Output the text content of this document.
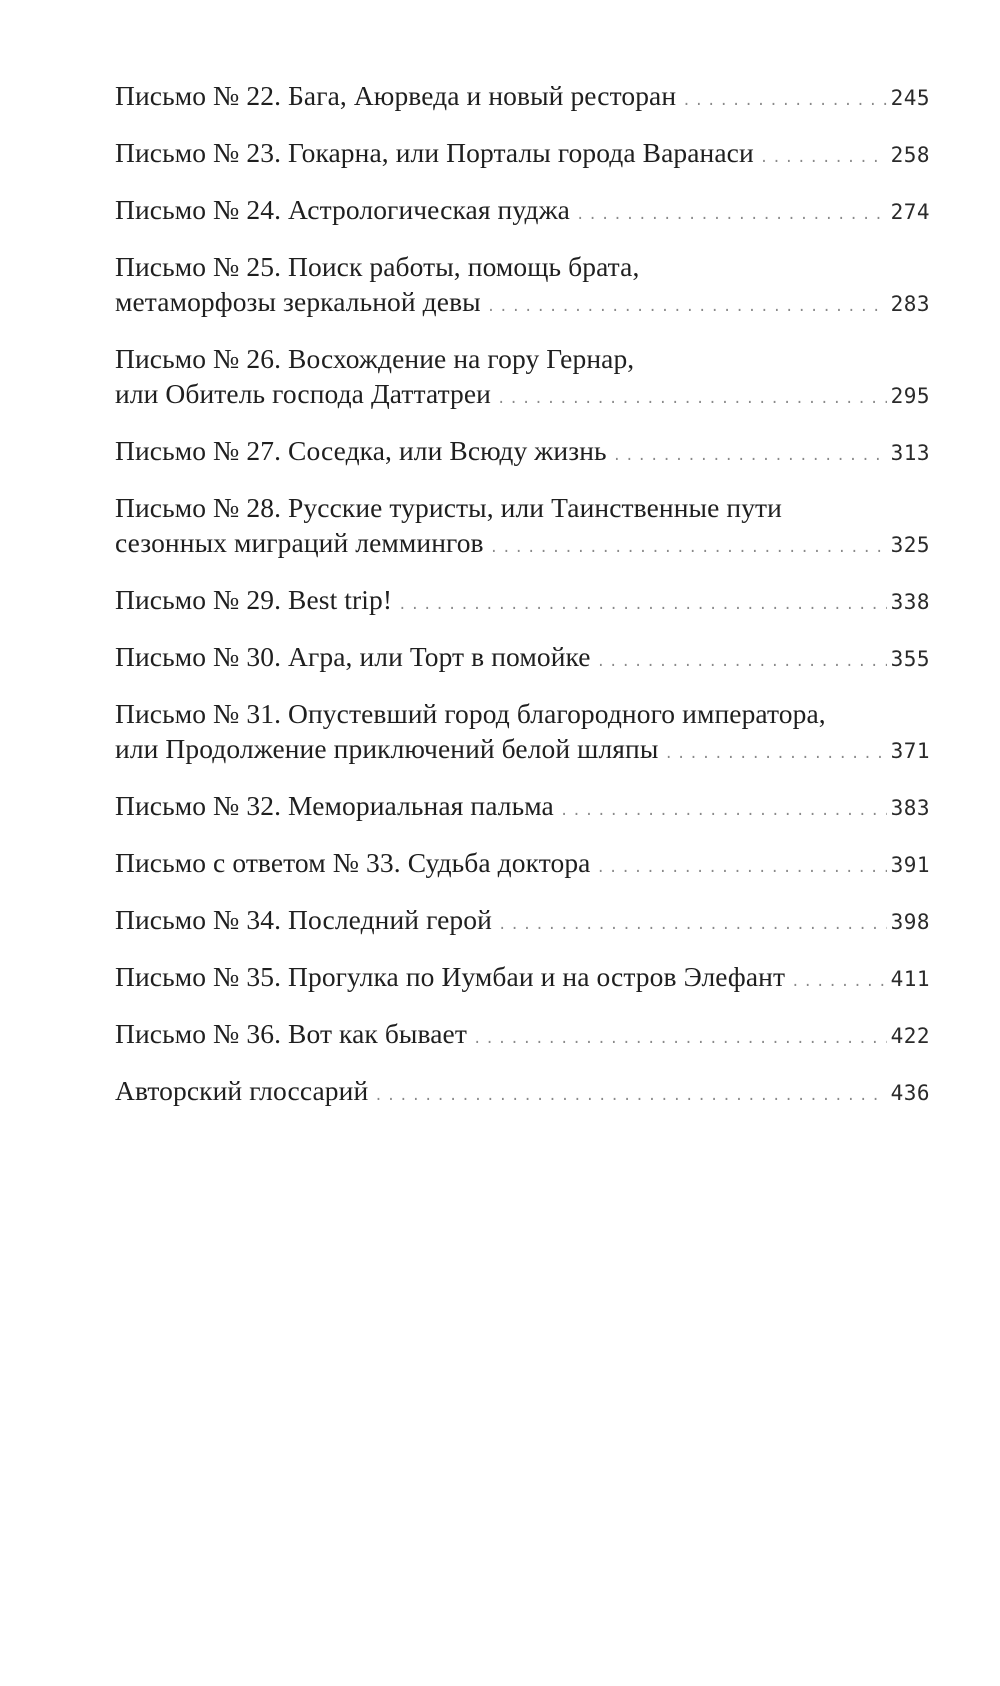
Письмо № 22. Бага, Аюрведа и новый ресторан .....	245
Письмо № 23. Гокарна, или Порталы города Варанаси .....	258
Письмо № 24. Астрологическая пуджа .....	274
Письмо № 25. Поиск работы, помощь брата,
метаморфозы зеркальной девы .....	283
Письмо № 26. Восхождение на гору Гернар,
или Обитель господа Даттатреи .....	295
Письмо № 27. Соседка, или Всюду жизнь .....	313
Письмо № 28. Русские туристы, или Таинственные пути
сезонных миграций леммингов .....	325
Письмо № 29. Best trip! .....	338
Письмо № 30. Агра, или Торт в помойке .....	355
Письмо № 31. Опустевший город благородного императора,
или Продолжение приключений белой шляпы .....	371
Письмо № 32. Мемориальная пальма .....	383
Письмо с ответом № 33. Судьба доктора .....	391
Письмо № 34. Последний герой .....	398
Письмо № 35. Прогулка по Иумбаи и на остров Элефант .....	411
Письмо № 36. Вот как бывает .....	422
Авторский глоссарий .....	436
